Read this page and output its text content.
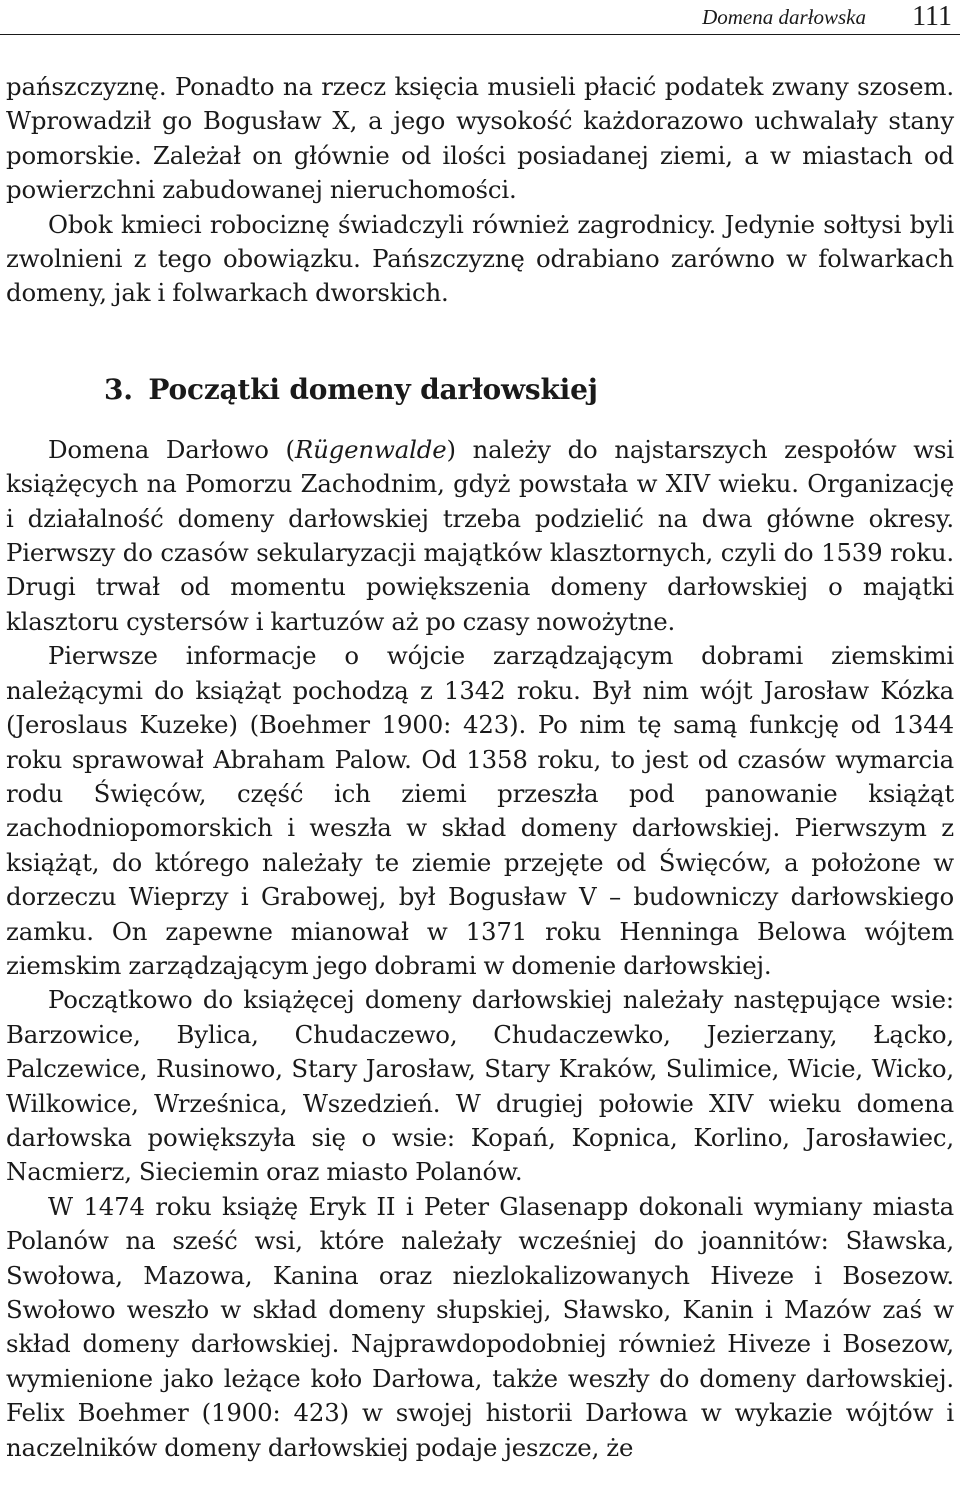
Domena darłowska 111

pańszczyznę. Ponadto na rzecz księcia musieli płacić podatek zwany szosem. Wprowadził go Bogusław X, a jego wysokość każdorazowo uchwalały stany pomorskie. Zależał on głównie od ilości posiadanej ziemi, a w miastach od powierzchni zabudowanej nieruchomości.

Obok kmieci robociznę świadczyli również zagrodnicy. Jedynie sołtysi byli zwolnieni z tego obowiązku. Pańszczyznę odrabiano zarówno w folwarkach domeny, jak i folwarkach dworskich.

3. Początki domeny darłowskiej

Domena Darłowo (Rügenwalde) należy do najstarszych zespołów wsi książęcych na Pomorzu Zachodnim, gdyż powstała w XIV wieku. Organizację i działalność domeny darłowskiej trzeba podzielić na dwa główne okresy. Pierwszy do czasów sekularyzacji majątków klasztornych, czyli do 1539 roku. Drugi trwał od momentu powiększenia domeny darłowskiej o majątki klasztoru cystersów i kartuzów aż po czasy nowożytne.

Pierwsze informacje o wójcie zarządzającym dobrami ziemskimi należącymi do książąt pochodzą z 1342 roku. Był nim wójt Jarosław Kózka (Jeroslaus Kuzeke) (Boehmer 1900: 423). Po nim tę samą funkcję od 1344 roku sprawował Abraham Palow. Od 1358 roku, to jest od czasów wymarcia rodu Święców, część ich ziemi przeszła pod panowanie książąt zachodniopomorskich i weszła w skład domeny darłowskiej. Pierwszym z książąt, do którego należały te ziemie przejęte od Święców, a położone w dorzeczu Wieprzy i Grabowej, był Bogusław V – budowniczy darłowskiego zamku. On zapewne mianował w 1371 roku Henninga Belowa wójtem ziemskim zarządzającym jego dobrami w domenie darłowskiej.

Początkowo do książęcej domeny darłowskiej należały następujące wsie: Barzowice, Bylica, Chudaczewo, Chudaczewko, Jezierzany, Łącko, Palczewice, Rusinowo, Stary Jarosław, Stary Kraków, Sulimice, Wicie, Wicko, Wilkowice, Wrześnica, Wszedzień. W drugiej połowie XIV wieku domena darłowska powiększyła się o wsie: Kopań, Kopnica, Korlino, Jarosławiec, Nacmierz, Sieciemin oraz miasto Polanów.

W 1474 roku książę Eryk II i Peter Glasenapp dokonali wymiany miasta Polanów na sześć wsi, które należały wcześniej do joannitów: Sławska, Swołowa, Mazowa, Kanina oraz niezlokalizowanych Hiveze i Bosezow. Swołowo weszło w skład domeny słupskiej, Sławsko, Kanin i Mazów zaś w skład domeny darłowskiej. Najprawdopodobniej również Hiveze i Bosezow, wymienione jako leżące koło Darłowa, także weszły do domeny darłowskiej. Felix Boehmer (1900: 423) w swojej historii Darłowa w wykazie wójtów i naczelników domeny darłowskiej podaje jeszcze, że
